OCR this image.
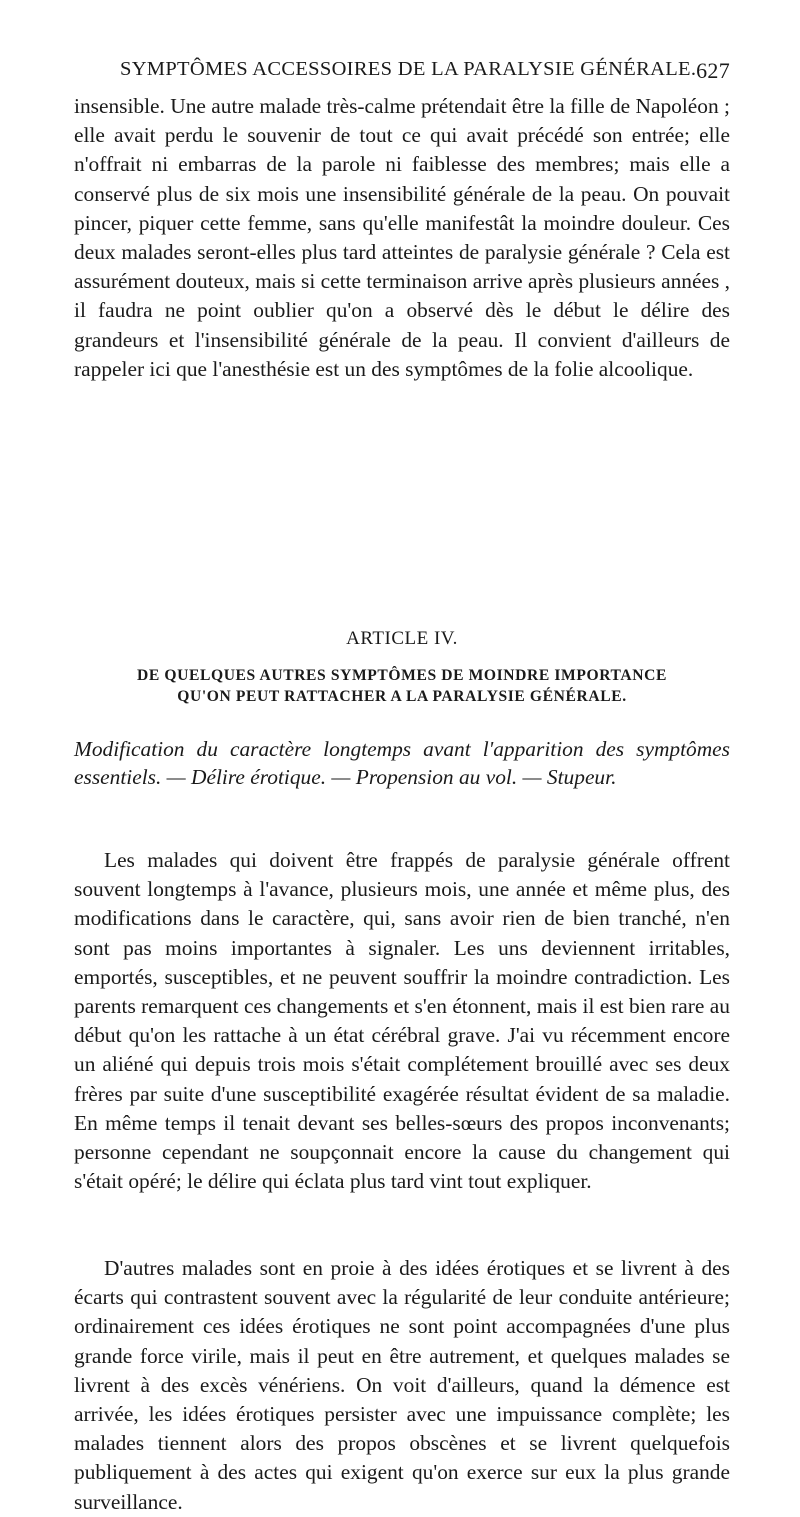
SYMPTÔMES ACCESSOIRES DE LA PARALYSIE GÉNÉRALE. 627

insensible. Une autre malade très-calme prétendait être la fille de Napoléon ; elle avait perdu le souvenir de tout ce qui avait précédé son entrée; elle n'offrait ni embarras de la parole ni faiblesse des membres; mais elle a conservé plus de six mois une insensibilité générale de la peau. On pouvait pincer, piquer cette femme, sans qu'elle manifestât la moindre douleur. Ces deux malades seront-elles plus tard atteintes de paralysie générale ? Cela est assurément douteux, mais si cette terminaison arrive après plusieurs années , il faudra ne point oublier qu'on a observé dès le début le délire des grandeurs et l'insensibilité générale de la peau. Il convient d'ailleurs de rappeler ici que l'anesthésie est un des symptômes de la folie alcoolique.

ARTICLE IV.
DE QUELQUES AUTRES SYMPTÔMES DE MOINDRE IMPORTANCE
QU'ON PEUT RATTACHER A LA PARALYSIE GÉNÉRALE.

Modification du caractère longtemps avant l'apparition des symptômes essentiels. — Délire érotique. — Propension au vol. — Stupeur.

Les malades qui doivent être frappés de paralysie générale offrent souvent longtemps à l'avance, plusieurs mois, une année et même plus, des modifications dans le caractère, qui, sans avoir rien de bien tranché, n'en sont pas moins importantes à signaler. Les uns deviennent irritables, emportés, susceptibles, et ne peuvent souffrir la moindre contradiction. Les parents remarquent ces changements et s'en étonnent, mais il est bien rare au début qu'on les rattache à un état cérébral grave. J'ai vu récemment encore un aliéné qui depuis trois mois s'était complétement brouillé avec ses deux frères par suite d'une susceptibilité exagérée résultat évident de sa maladie. En même temps il tenait devant ses belles-sœurs des propos inconvenants; personne cependant ne soupçonnait encore la cause du changement qui s'était opéré; le délire qui éclata plus tard vint tout expliquer.

D'autres malades sont en proie à des idées érotiques et se livrent à des écarts qui contrastent souvent avec la régularité de leur conduite antérieure; ordinairement ces idées érotiques ne sont point accompagnées d'une plus grande force virile, mais il peut en être autrement, et quelques malades se livrent à des excès vénériens. On voit d'ailleurs, quand la démence est arrivée, les idées érotiques persister avec une impuissance complète; les malades tiennent alors des propos obscènes et se livrent quelquefois publiquement à des actes qui exigent qu'on exerce sur eux la plus grande surveillance.
